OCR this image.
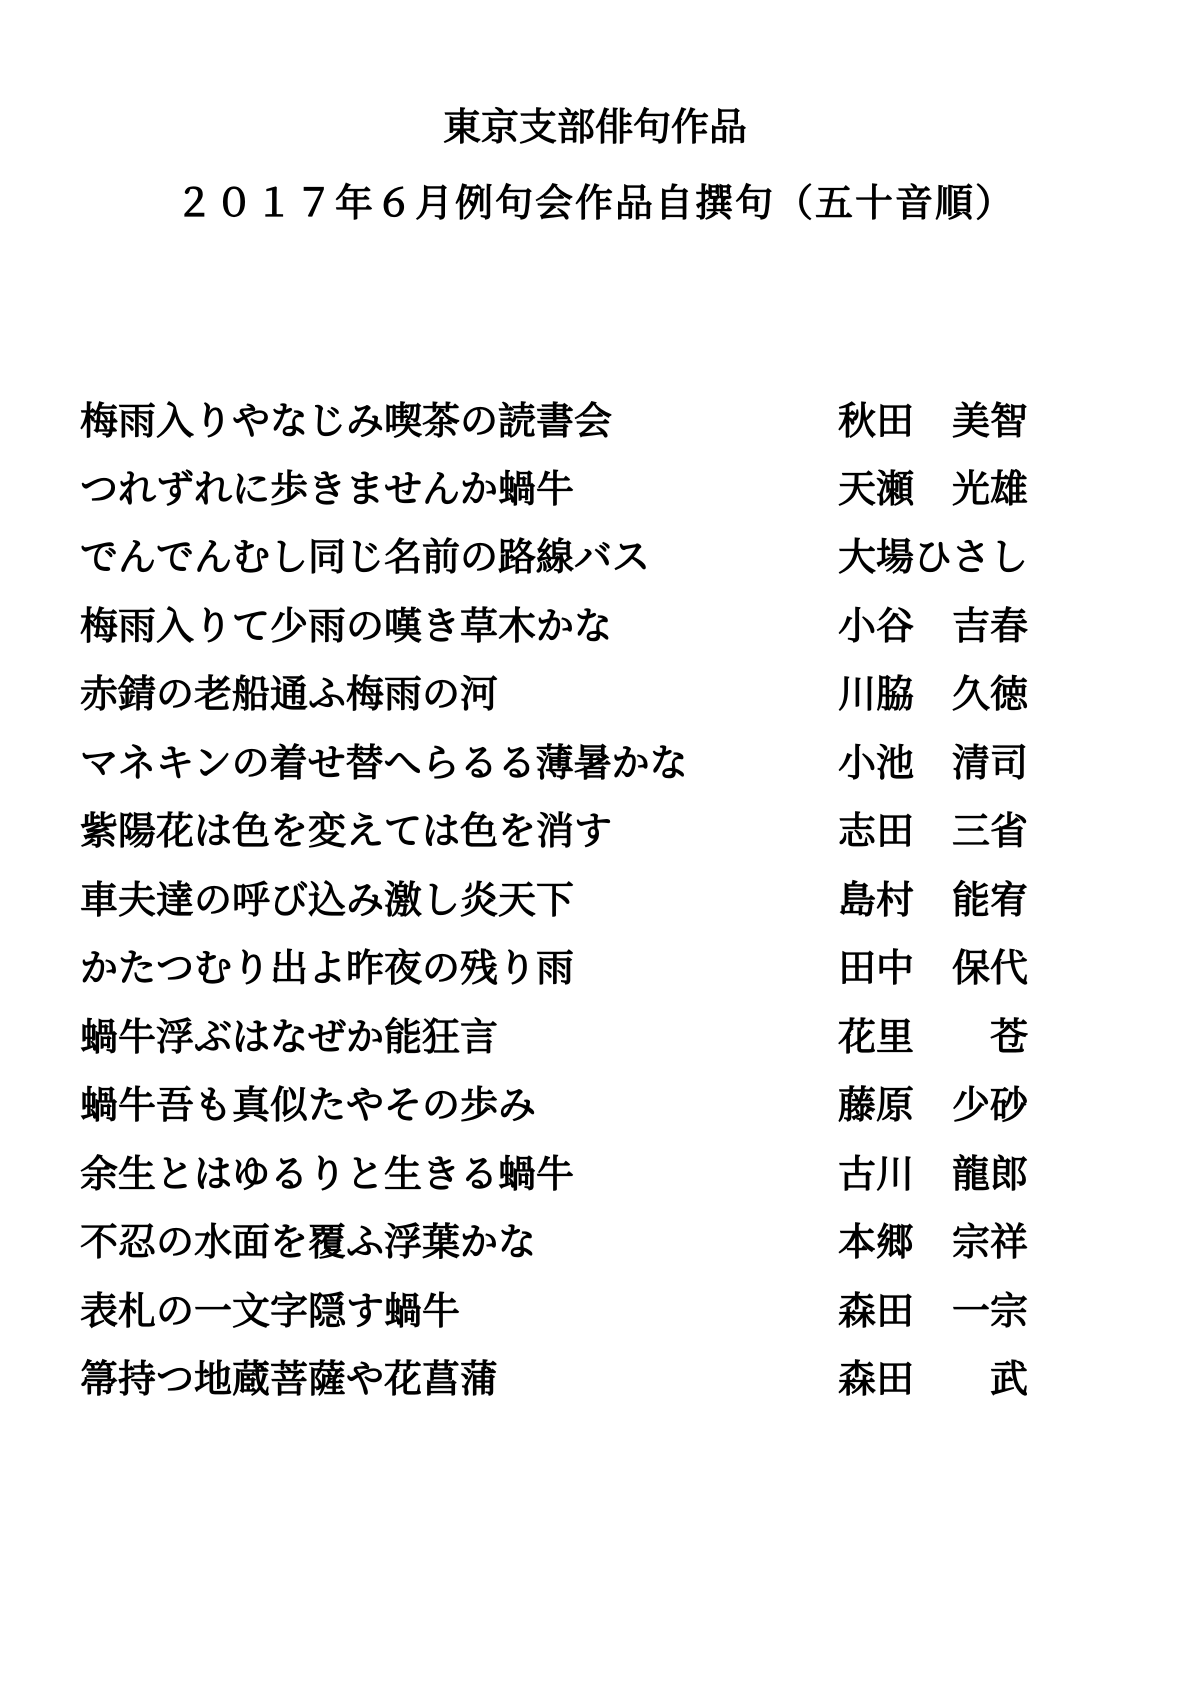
東京支部俳句作品
２０１７年６月例句会作品自撰句（五十音順）
梅雨入りやなじみ喫茶の読書会	秋田　美智
つれずれに歩きませんか蝸牛	天瀬　光雄
でんでんむし同じ名前の路線バス	大場ひさし
梅雨入りて少雨の嘆き草木かな	小谷　吉春
赤錆の老船通ふ梅雨の河	川脇　久徳
マネキンの着せ替へらるる薄暑かな	小池　清司
紫陽花は色を変えては色を消す	志田　三省
車夫達の呼び込み激し炎天下	島村　能宥
かたつむり出よ昨夜の残り雨	田中　保代
蝸牛浮ぶはなぜか能狂言	花里　　苍
蝸牛吾も真似たやその歩み	藤原　少砂
余生とはゆるりと生きる蝸牛	古川　龍郎
不忍の水面を覆ふ浮葉かな	本郷　宗祥
表札の一文字隠す蝸牛	森田　一宗
箒持つ地蔵菩薩や花菖蒲	森田　　武
